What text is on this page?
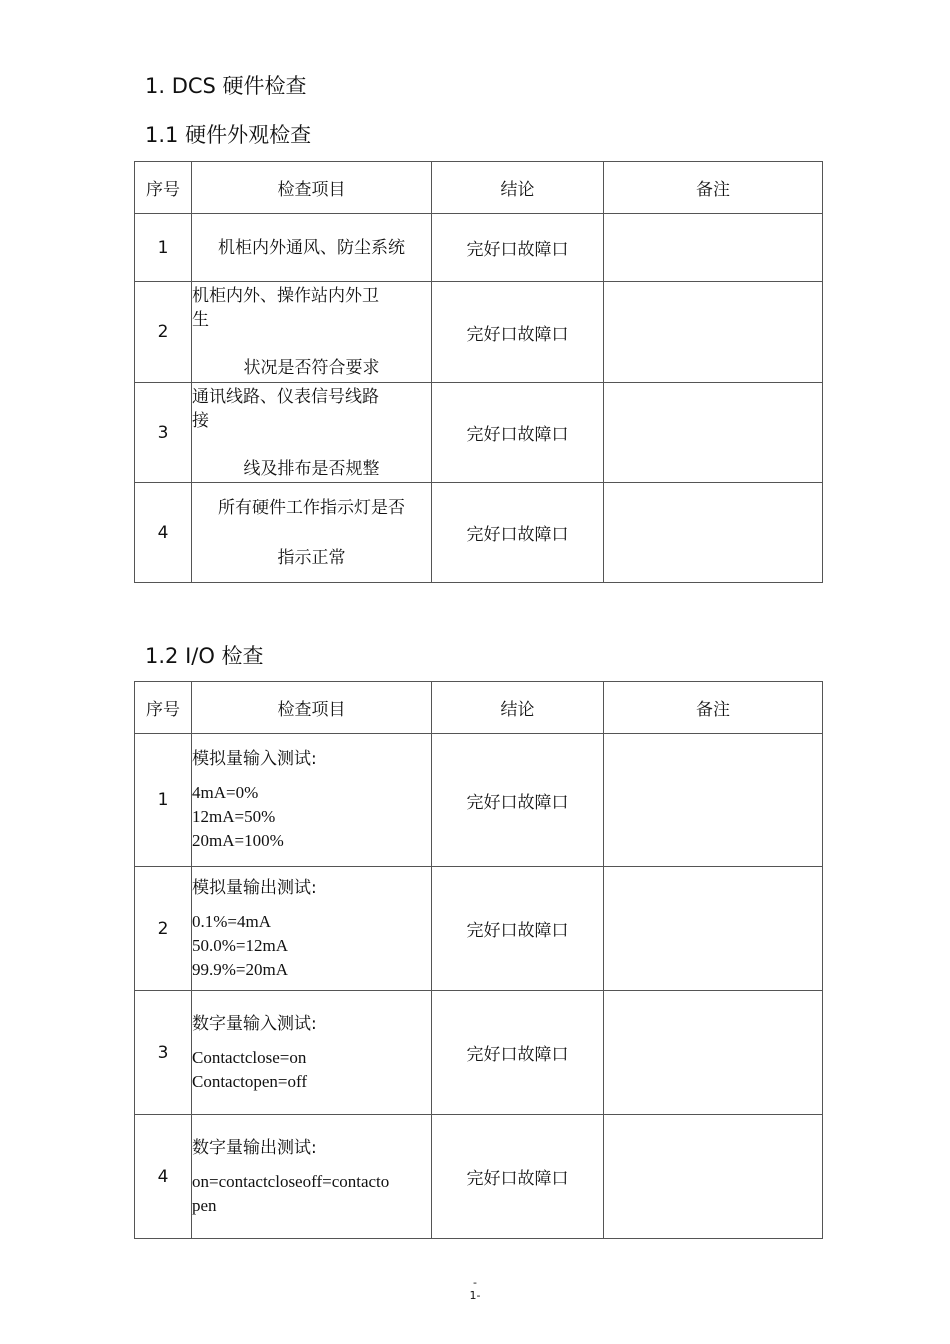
1. DCS 硬件检查
1.1 硬件外观检查
序号	检查项目	结论	备注
1	机柜内外通风、防尘系统	完好口故障口	
2	机柜内外、操作站内外卫
生
状况是否符合要求	完好口故障口	
3	通讯线路、仪表信号线路
接
线及排布是否规整	完好口故障口	
4	所有硬件工作指示灯是否
指示正常	完好口故障口	
1.2 I/O 检查
序号	检查项目	结论	备注
1	模拟量输入测试:
4mA=0%
12mA=50%
20mA=100%	完好口故障口	
2	模拟量输出测试:
0.1%=4mA
50.0%=12mA
99.9%=20mA	完好口故障口	
3	数字量输入测试:
Contactclose=on
Contactopen=off	完好口故障口	
4	数字量输出测试:
on=contactcloseoff=contacto
pen	完好口故障口	
-
1-
